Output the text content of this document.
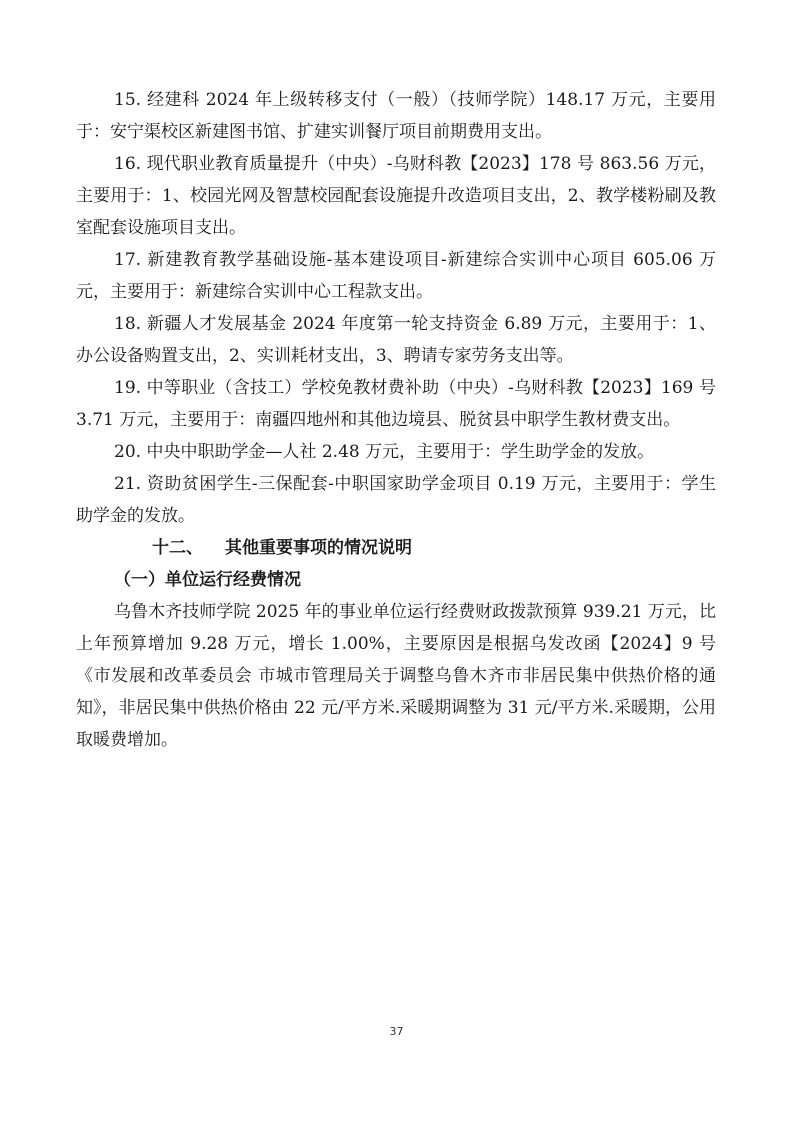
15. 经建科 2024 年上级转移支付（一般）（技师学院）148.17 万元，主要用于：安宁渠校区新建图书馆、扩建实训餐厅项目前期费用支出。

16. 现代职业教育质量提升（中央）-乌财科教【2023】178 号 863.56 万元，主要用于：1、校园光网及智慧校园配套设施提升改造项目支出，2、教学楼粉刷及教室配套设施项目支出。

17. 新建教育教学基础设施-基本建设项目-新建综合实训中心项目 605.06 万元，主要用于：新建综合实训中心工程款支出。

18. 新疆人才发展基金 2024 年度第一轮支持资金 6.89 万元，主要用于：1、办公设备购置支出，2、实训耗材支出，3、聘请专家劳务支出等。

19. 中等职业（含技工）学校免教材费补助（中央）-乌财科教【2023】169 号 3.71 万元，主要用于：南疆四地州和其他边境县、脱贫县中职学生教材费支出。

20. 中央中职助学金—人社 2.48 万元，主要用于：学生助学金的发放。

21. 资助贫困学生-三保配套-中职国家助学金项目 0.19 万元，主要用于：学生助学金的发放。

十二、 其他重要事项的情况说明

（一）单位运行经费情况

乌鲁木齐技师学院 2025 年的事业单位运行经费财政拨款预算 939.21 万元，比上年预算增加 9.28 万元，增长 1.00%，主要原因是根据乌发改函【2024】9 号《市发展和改革委员会 市城市管理局关于调整乌鲁木齐市非居民集中供热价格的通知》，非居民集中供热价格由 22 元/平方米.采暖期调整为 31 元/平方米.采暖期，公用取暖费增加。

37
